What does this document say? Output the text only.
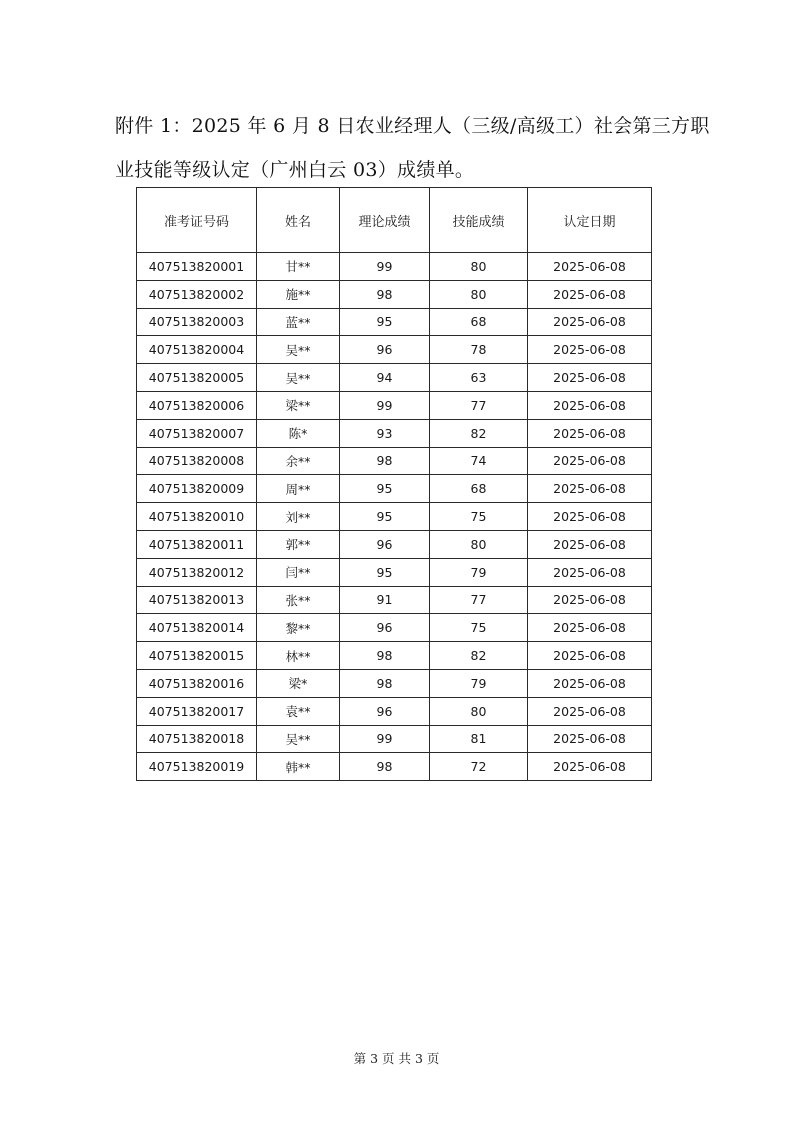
附件 1：2025 年 6 月 8 日农业经理人（三级/高级工）社会第三方职
业技能等级认定（广州白云 03）成绩单。
准考证号码	姓名	理论成绩	技能成绩	认定日期
407513820001	甘**	99	80	2025-06-08
407513820002	施**	98	80	2025-06-08
407513820003	蓝**	95	68	2025-06-08
407513820004	吴**	96	78	2025-06-08
407513820005	吴**	94	63	2025-06-08
407513820006	梁**	99	77	2025-06-08
407513820007	陈*	93	82	2025-06-08
407513820008	余**	98	74	2025-06-08
407513820009	周**	95	68	2025-06-08
407513820010	刘**	95	75	2025-06-08
407513820011	郭**	96	80	2025-06-08
407513820012	闫**	95	79	2025-06-08
407513820013	张**	91	77	2025-06-08
407513820014	黎**	96	75	2025-06-08
407513820015	林**	98	82	2025-06-08
407513820016	梁*	98	79	2025-06-08
407513820017	袁**	96	80	2025-06-08
407513820018	吴**	99	81	2025-06-08
407513820019	韩**	98	72	2025-06-08
第 3 页 共 3 页
